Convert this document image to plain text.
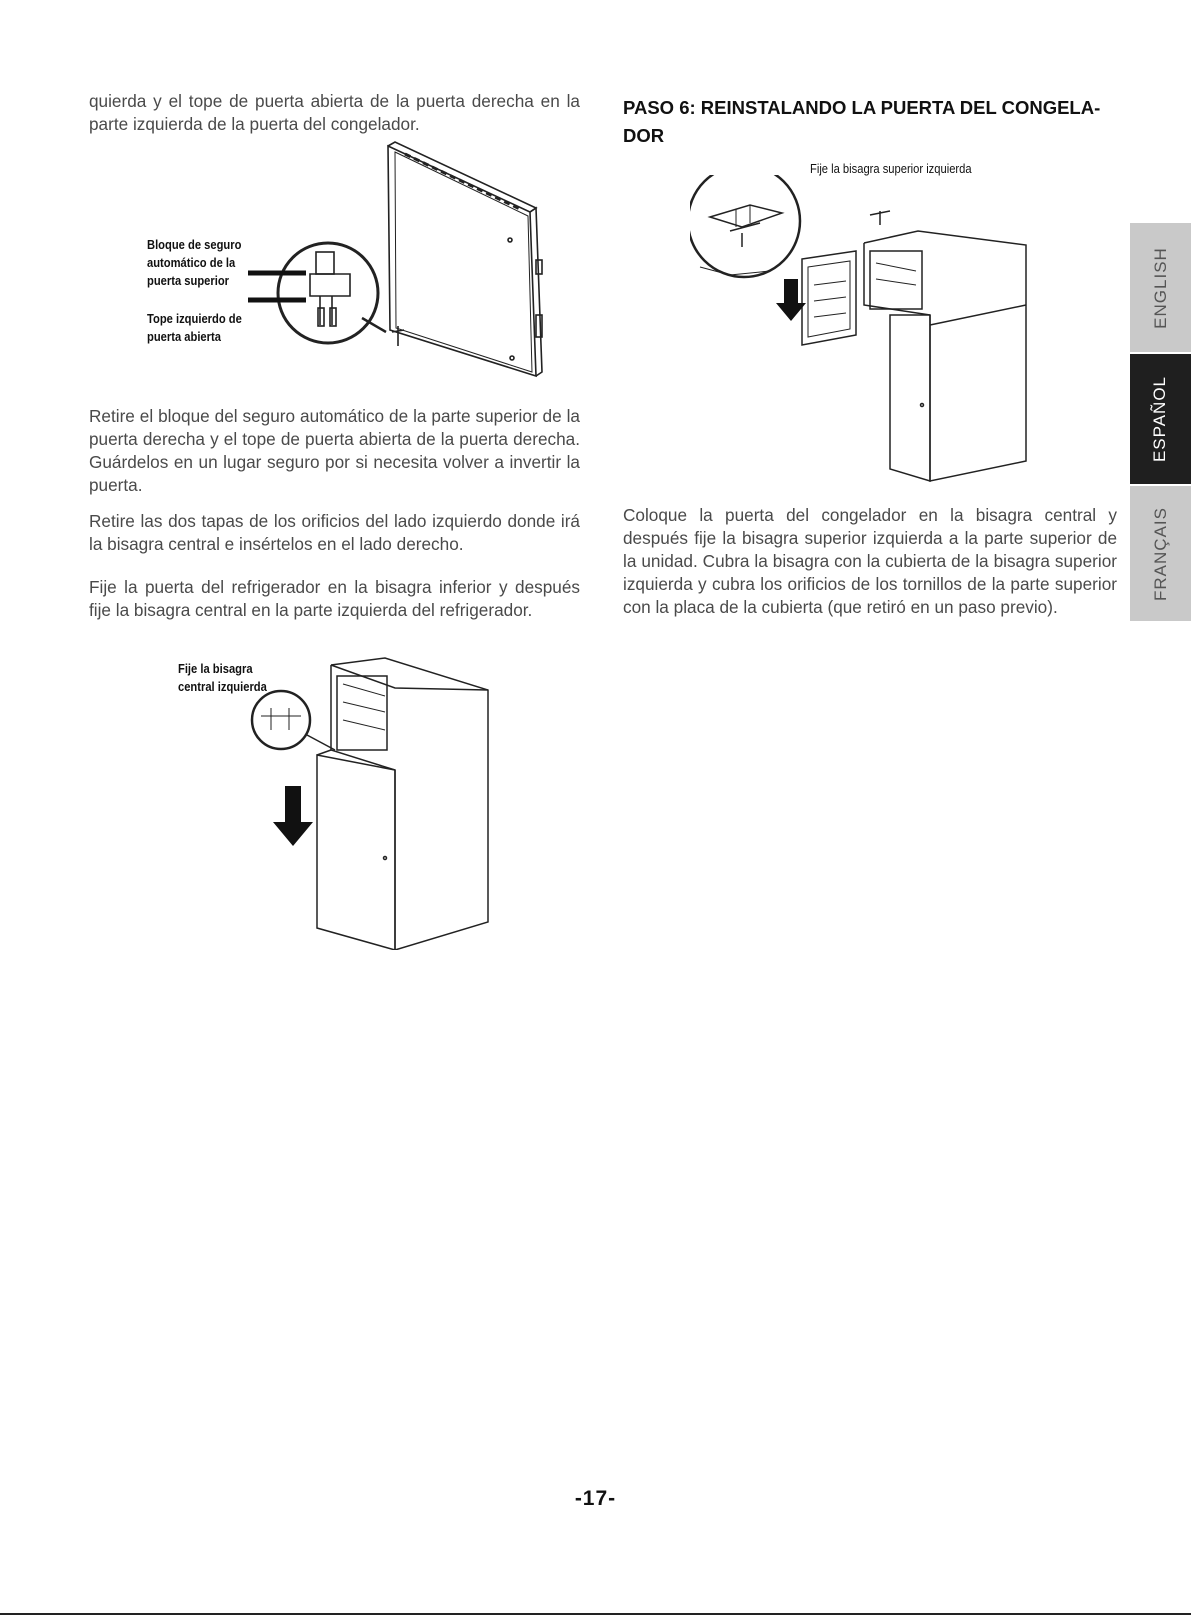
quierda y el tope de puerta abierta de la puerta derecha en la parte izquierda de la puerta del congelador.

Bloque de seguro automático de la puerta superior
Tope izquierdo de puerta abierta

Retire el bloque del seguro automático de la parte superior de la puerta derecha y el tope de puerta abierta de la puerta derecha. Guárdelos en un lugar seguro por si necesita volver a invertir la puerta.

Retire las dos tapas de los orificios del lado izquierdo donde irá la bisagra central e insértelos en el lado derecho.

Fije la puerta del refrigerador en la bisagra inferior y después fije la bisagra central en la parte izquierda del refrigerador.

Fije la bisagra central izquierda
PASO 6: REINSTALANDO LA PUERTA DEL CONGELA-DOR
Fije la bisagra superior izquierda

Coloque la puerta del congelador en la bisagra central y después fije la bisagra superior izquierda a la parte superior de la unidad. Cubra la bisagra con la cubierta de la bisagra superior izquierda y cubra los orificios de los tornillos de la parte superior con la placa de la cubierta (que retiró en un paso previo).

ENGLISH
ESPAÑOL
FRANÇAIS
-17-
